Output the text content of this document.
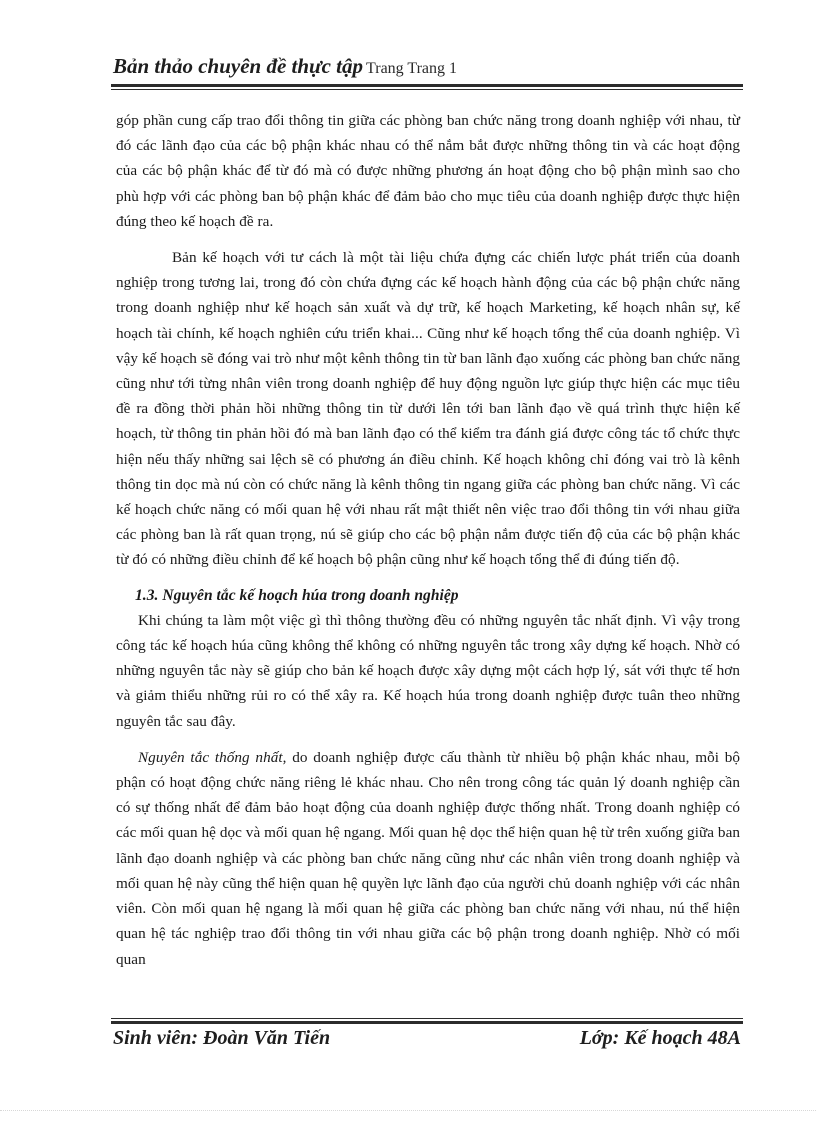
Bản thảo chuyên đề thực tập Trang Trang 1

góp phần cung cấp trao đổi thông tin giữa các phòng ban chức năng trong doanh nghiệp với nhau, từ đó các lãnh đạo của các bộ phận khác nhau có thể nắm bắt được những thông tin và các hoạt động của các bộ phận khác để từ đó mà có được những phương án hoạt động cho bộ phận mình sao cho phù hợp với các phòng ban bộ phận khác để đảm bảo cho mục tiêu của doanh nghiệp được thực hiện đúng theo kế hoạch đề ra.

Bản kế hoạch với tư cách là một tài liệu chứa đựng các chiến lược phát triển của doanh nghiệp trong tương lai, trong đó còn chứa đựng các kế hoạch hành động của các bộ phận chức năng trong doanh nghiệp như kế hoạch sản xuất và dự trữ, kế hoạch Marketing, kế hoạch nhân sự, kế hoạch tài chính, kế hoạch nghiên cứu triển khai... Cũng như kế hoạch tổng thể của doanh nghiệp. Vì vậy kế hoạch sẽ đóng vai trò như một kênh thông tin từ ban lãnh đạo xuống các phòng ban chức năng cũng như tới từng nhân viên trong doanh nghiệp để huy động nguồn lực giúp thực hiện các mục tiêu đề ra đồng thời phản hồi những thông tin từ dưới lên tới ban lãnh đạo về quá trình thực hiện kế hoạch, từ thông tin phản hồi đó mà ban lãnh đạo có thể kiểm tra đánh giá được công tác tổ chức thực hiện nếu thấy những sai lệch sẽ có phương án điều chỉnh. Kế hoạch không chỉ đóng vai trò là kênh thông tin dọc mà nú còn có chức năng là kênh thông tin ngang giữa các phòng ban chức năng. Vì các kế hoạch chức năng có mối quan hệ với nhau rất mật thiết nên việc trao đổi thông tin với nhau giữa các phòng ban là rất quan trọng, nú sẽ giúp cho các bộ phận nắm được tiến độ của các bộ phận khác từ đó có những điều chỉnh để kế hoạch bộ phận cũng như kế hoạch tổng thể đi đúng tiến độ.

1.3. Nguyên tắc kế hoạch húa trong doanh nghiệp

Khi chúng ta làm một việc gì thì thông thường đều có những nguyên tắc nhất định. Vì vậy trong công tác kế hoạch húa cũng không thể không có những nguyên tắc trong xây dựng kế hoạch. Nhờ có những nguyên tắc này sẽ giúp cho bản kế hoạch được xây dựng một cách hợp lý, sát với thực tế hơn và giảm thiểu những rủi ro có thể xây ra. Kế hoạch húa trong doanh nghiệp được tuân theo những nguyên tắc sau đây.

Nguyên tắc thống nhất, do doanh nghiệp được cấu thành từ nhiều bộ phận khác nhau, mỗi bộ phận có hoạt động chức năng riêng lẻ khác nhau. Cho nên trong công tác quản lý doanh nghiệp cần có sự thống nhất để đảm bảo hoạt động của doanh nghiệp được thống nhất. Trong doanh nghiệp có các mối quan hệ dọc và mối quan hệ ngang. Mối quan hệ dọc thể hiện quan hệ từ trên xuống giữa ban lãnh đạo doanh nghiệp và các phòng ban chức năng cũng như các nhân viên trong doanh nghiệp và mối quan hệ này cũng thể hiện quan hệ quyền lực lãnh đạo của người chủ doanh nghiệp với các nhân viên. Còn mối quan hệ ngang là mối quan hệ giữa các phòng ban chức năng với nhau, nú thể hiện quan hệ tác nghiệp trao đổi thông tin với nhau giữa các bộ phận trong doanh nghiệp. Nhờ có mối quan

Sinh viên: Đoàn Văn Tiến	Lớp: Kế hoạch 48A
